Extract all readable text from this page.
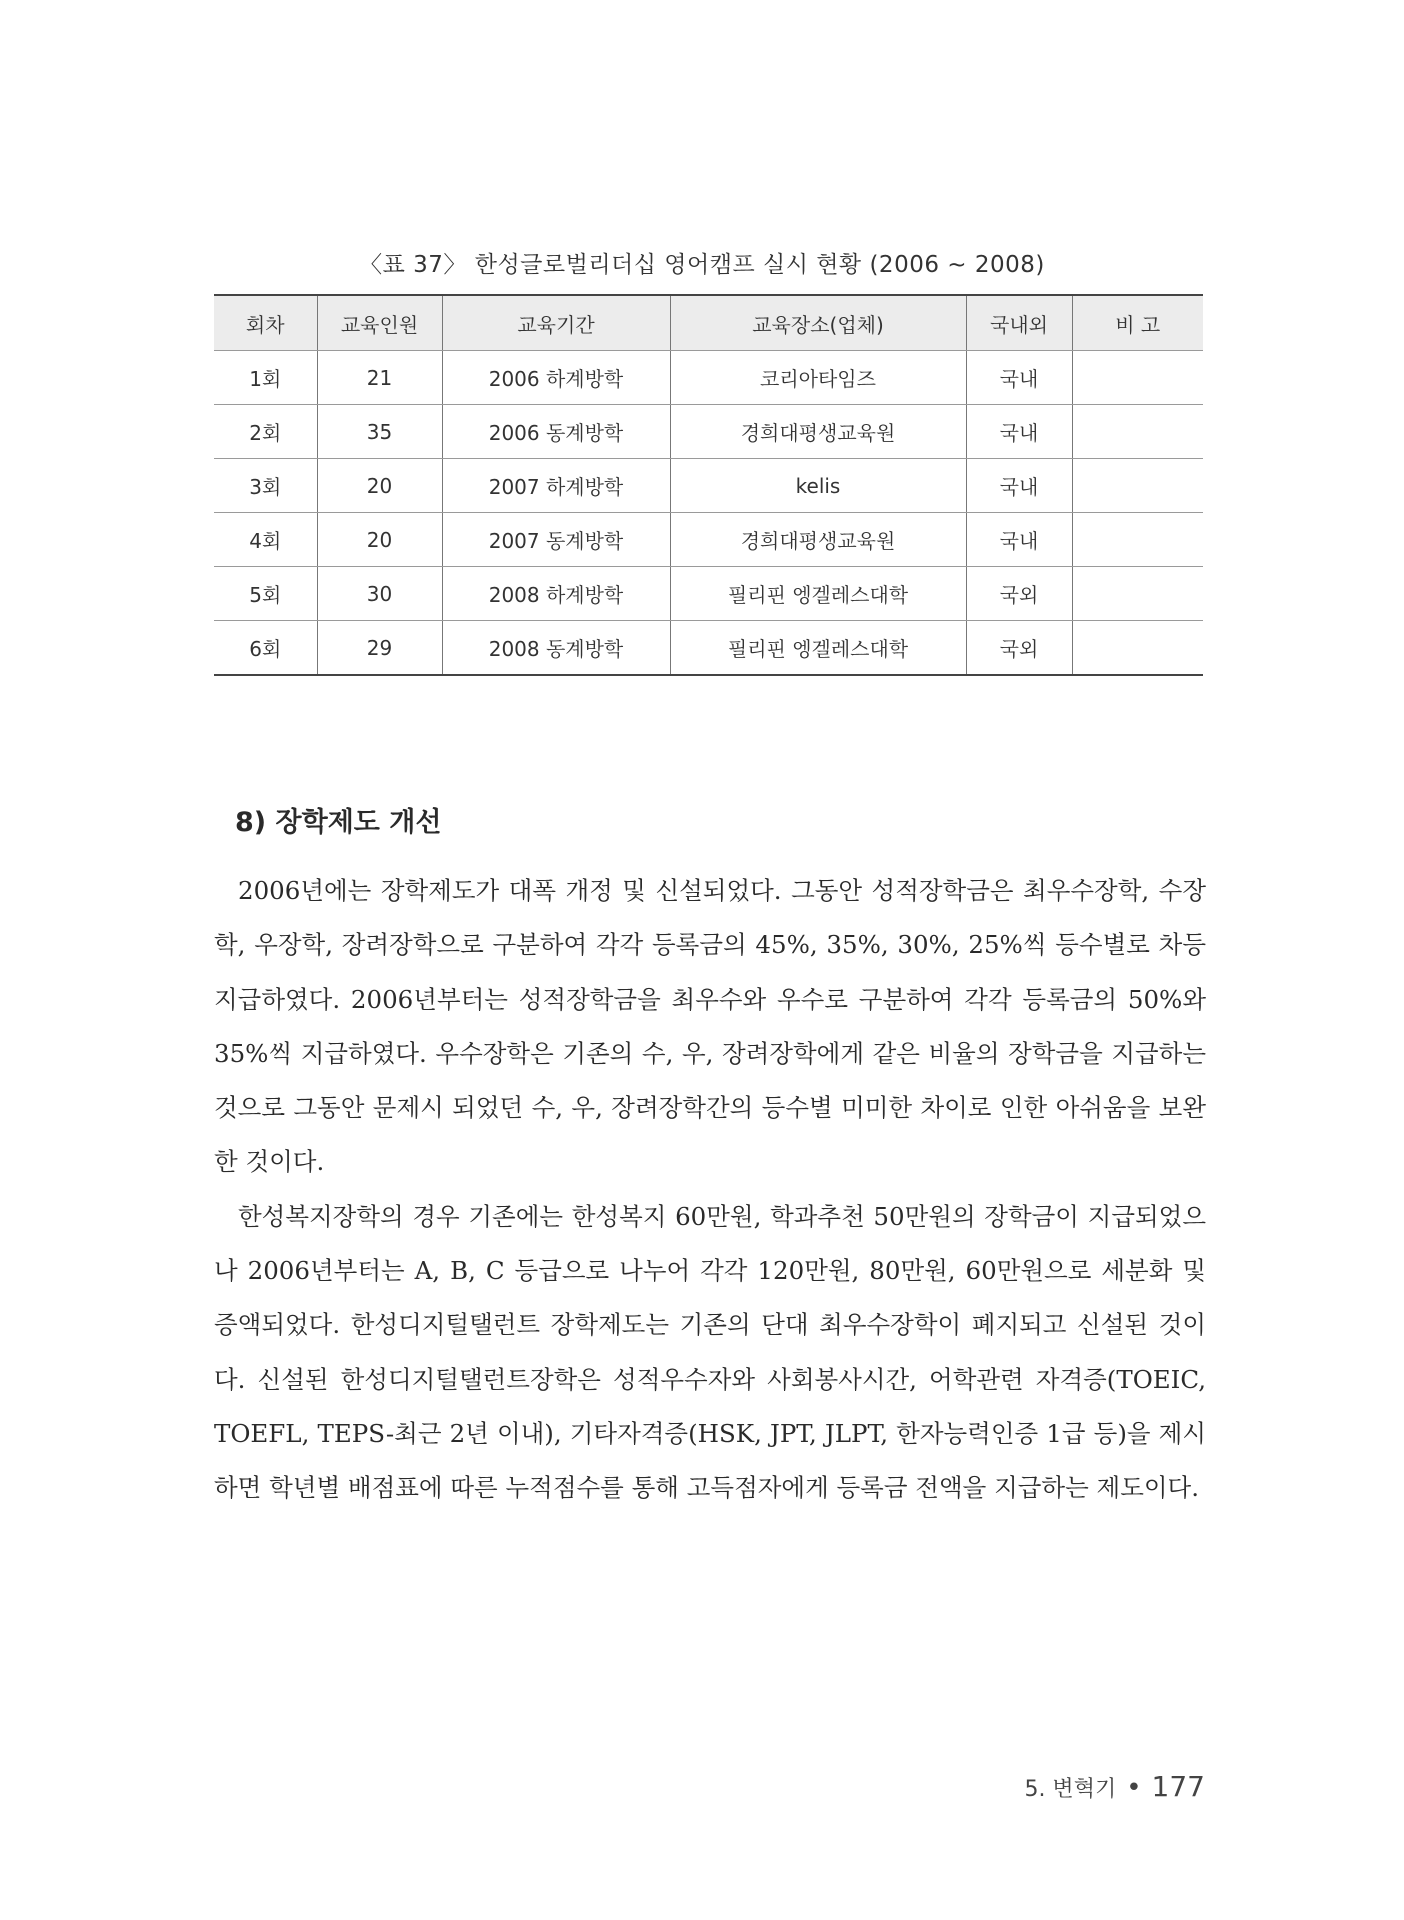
〈표 37〉 한성글로벌리더십 영어캠프 실시 현황 (2006 ~ 2008)
회차	교육인원	교육기간	교육장소(업체)	국내외	비 고
1회	21	2006 하계방학	코리아타임즈	국내	
2회	35	2006 동계방학	경희대평생교육원	국내	
3회	20	2007 하계방학	kelis	국내	
4회	20	2007 동계방학	경희대평생교육원	국내	
5회	30	2008 하계방학	필리핀 엥겔레스대학	국외	
6회	29	2008 동계방학	필리핀 엥겔레스대학	국외	
8) 장학제도 개선

2006년에는 장학제도가 대폭 개정 및 신설되었다. 그동안 성적장학금은 최우수장학, 수장학, 우장학, 장려장학으로 구분하여 각각 등록금의 45%, 35%, 30%, 25%씩 등수별로 차등 지급하였다. 2006년부터는 성적장학금을 최우수와 우수로 구분하여 각각 등록금의 50%와 35%씩 지급하였다. 우수장학은 기존의 수, 우, 장려장학에게 같은 비율의 장학금을 지급하는 것으로 그동안 문제시 되었던 수, 우, 장려장학간의 등수별 미미한 차이로 인한 아쉬움을 보완한 것이다.

한성복지장학의 경우 기존에는 한성복지 60만원, 학과추천 50만원의 장학금이 지급되었으나 2006년부터는 A, B, C 등급으로 나누어 각각 120만원, 80만원, 60만원으로 세분화 및 증액되었다. 한성디지털탤런트 장학제도는 기존의 단대 최우수장학이 폐지되고 신설된 것이다. 신설된 한성디지털탤런트장학은 성적우수자와 사회봉사시간, 어학관련 자격증(TOEIC, TOEFL, TEPS-최근 2년 이내), 기타자격증(HSK, JPT, JLPT, 한자능력인증 1급 등)을 제시하면 학년별 배점표에 따른 누적점수를 통해 고득점자에게 등록금 전액을 지급하는 제도이다.

5. 변혁기 • 177
